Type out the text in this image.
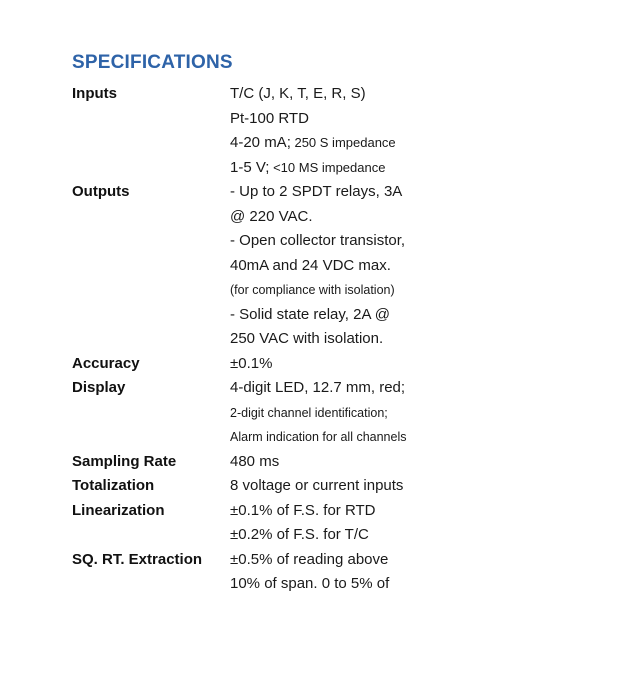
SPECIFICATIONS
Inputs	T/C (J, K, T, E, R, S)
Pt-100 RTD
4-20 mA; 250 S impedance
1-5 V; <10 MS impedance
Outputs	- Up to 2 SPDT relays, 3A
@ 220 VAC.
- Open collector transistor,
40mA and 24 VDC max.
(for compliance with isolation)
- Solid state relay, 2A @
250 VAC with isolation.
Accuracy	±0.1%
Display	4-digit LED, 12.7 mm, red;
2-digit channel identification;
Alarm indication for all channels
Sampling Rate	480 ms
Totalization	8 voltage or current inputs
Linearization	±0.1% of F.S. for RTD
±0.2% of F.S. for T/C
SQ. RT. Extraction	±0.5% of reading above
10% of span. 0 to 5% of
